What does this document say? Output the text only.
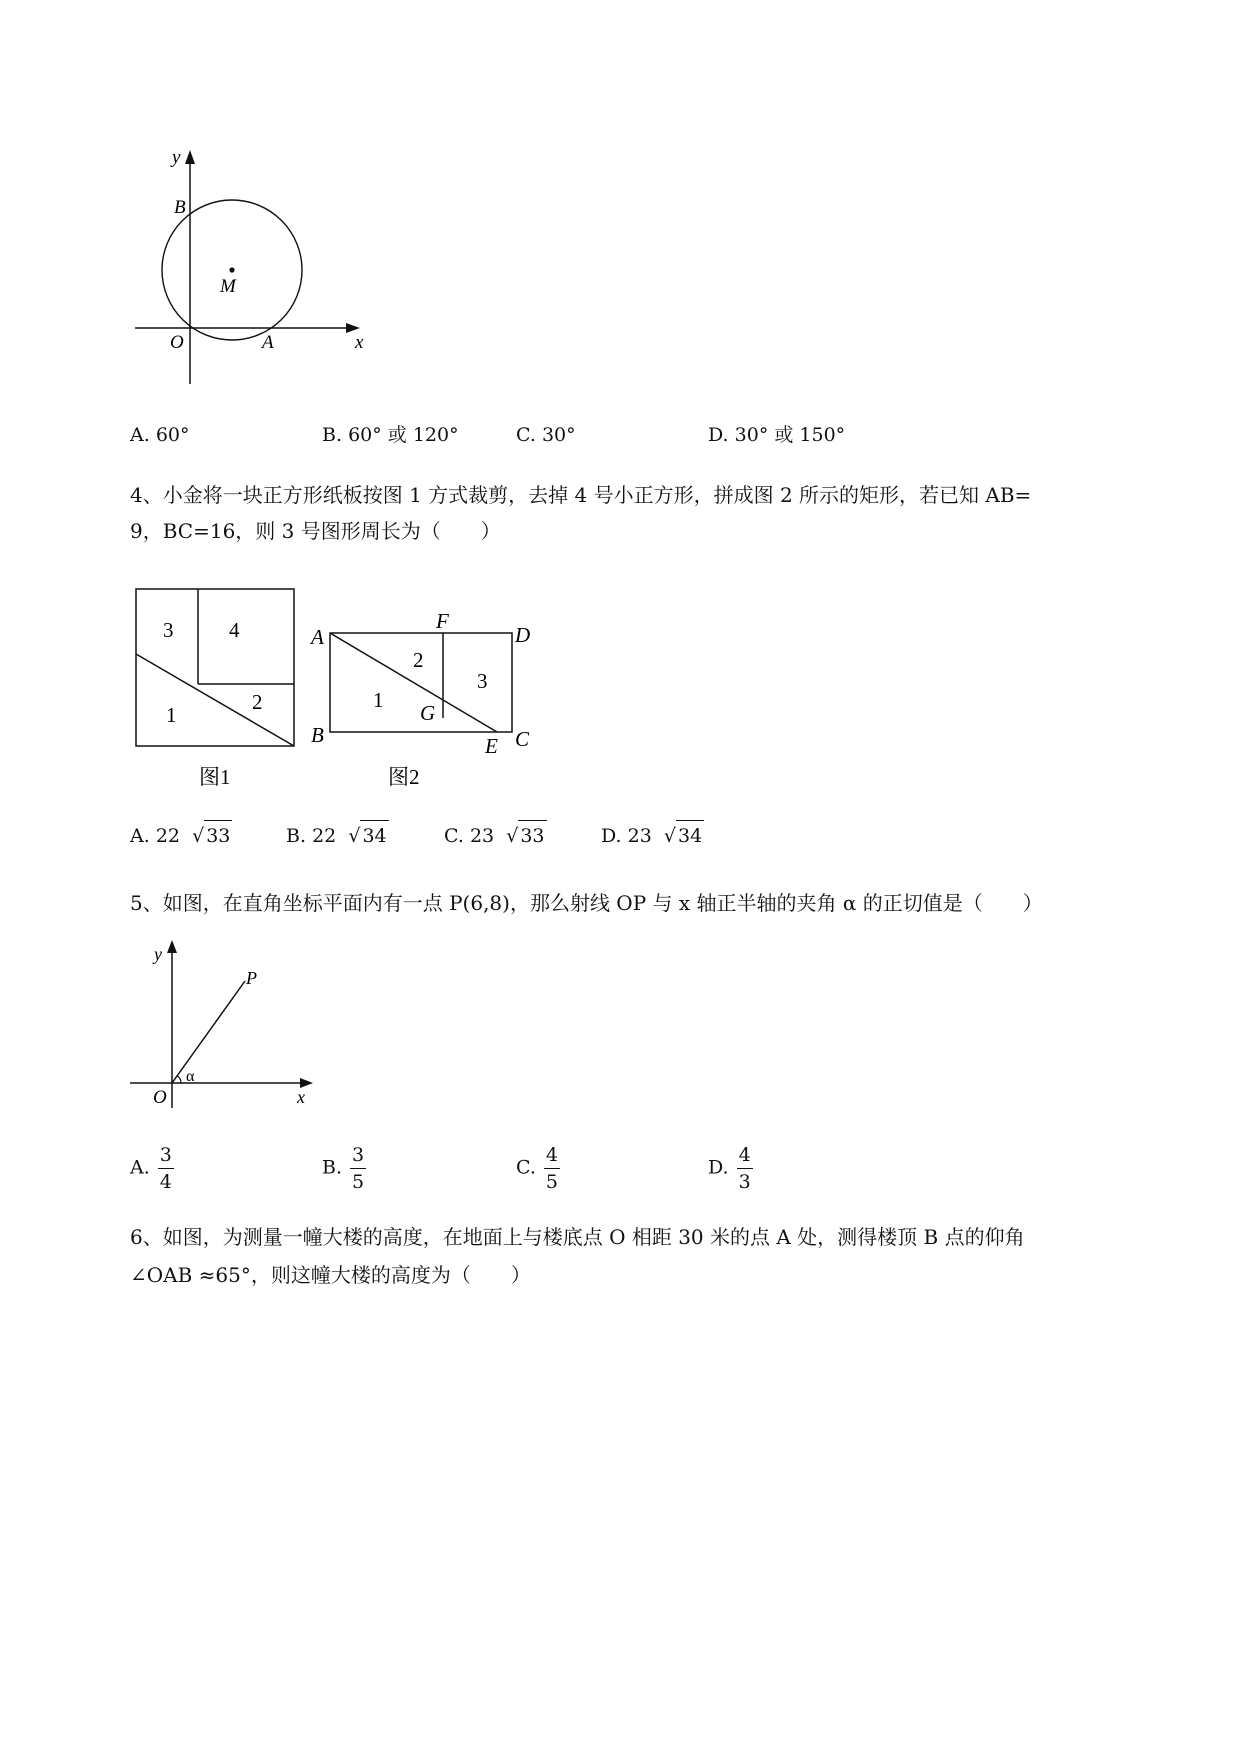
y
B
M
O	A	x
A. 60°	B. 60° 或 120°	C. 30°	D. 30° 或 150°
4、小金将一块正方形纸板按图 1 方式裁剪，去掉 4 号小正方形，拼成图 2 所示的矩形，若已知 AB=
9，BC=16，则 3 号图形周长为（　　）
3	4
1
2
图1
A
F
D
B	E C
G
1
2
3
图2
A. 22  √ 33	B. 22  √ 34	C. 23  √ 33	D. 23  √ 34
5、如图，在直角坐标平面内有一点 P(6,8)，那么射线 OP 与 x 轴正半轴的夹角 α 的正切值是（　　）
y
P
α
O	x
A. $\frac{3}{4}$	B. $\frac{3}{5}$	C. $\frac{4}{5}$	D. $\frac{4}{3}$
6、如图，为测量一幢大楼的高度，在地面上与楼底点 O 相距 30 米的点 A 处，测得楼顶 B 点的仰角
∠OAB ≈65°，则这幢大楼的高度为（　　）
